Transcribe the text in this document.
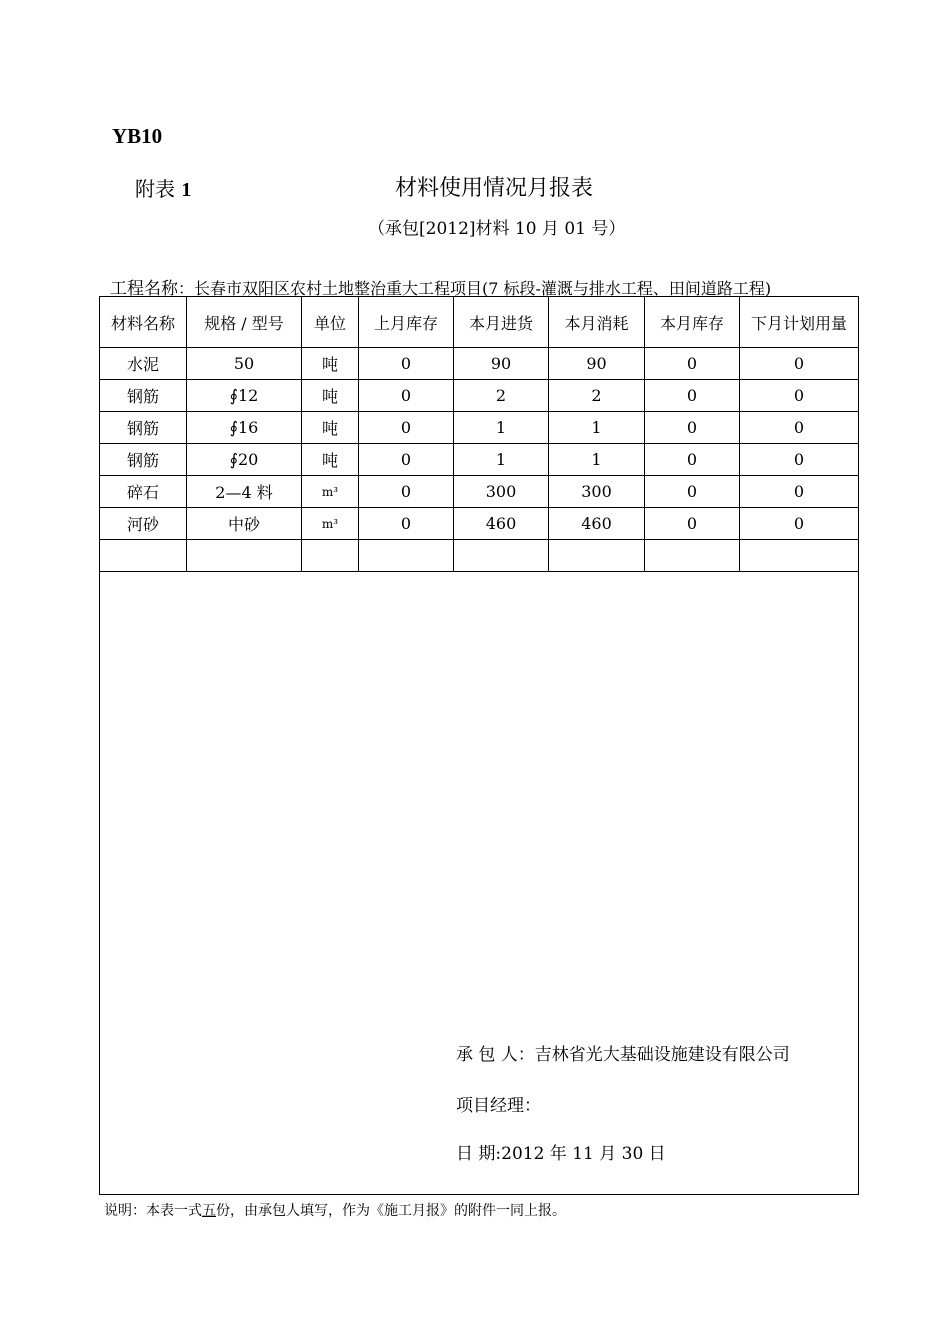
YB10
附表 1	材料使用情况月报表
（承包[2012]材料 10 月 01 号）
工程名称：长春市双阳区农村土地整治重大工程项目(7 标段-灌溉与排水工程、田间道路工程)
材料名称	规格 / 型号	单位	上月库存	本月进货	本月消耗	本月库存	下月计划用量
水泥	50	吨	0	90	90	0	0
钢筋	∮12	吨	0	2	2	0	0
钢筋	∮16	吨	0	1	1	0	0
钢筋	∮20	吨	0	1	1	0	0
碎石	2—4 料	m³	0	300	300	0	0
河砂	中砂	m³	0	460	460	0	0

承 包 人：吉林省光大基础设施建设有限公司
项目经理：
日 期:2012 年 11 月 30 日							
说明：本表一式五份，由承包人填写，作为《施工月报》的附件一同上报。
